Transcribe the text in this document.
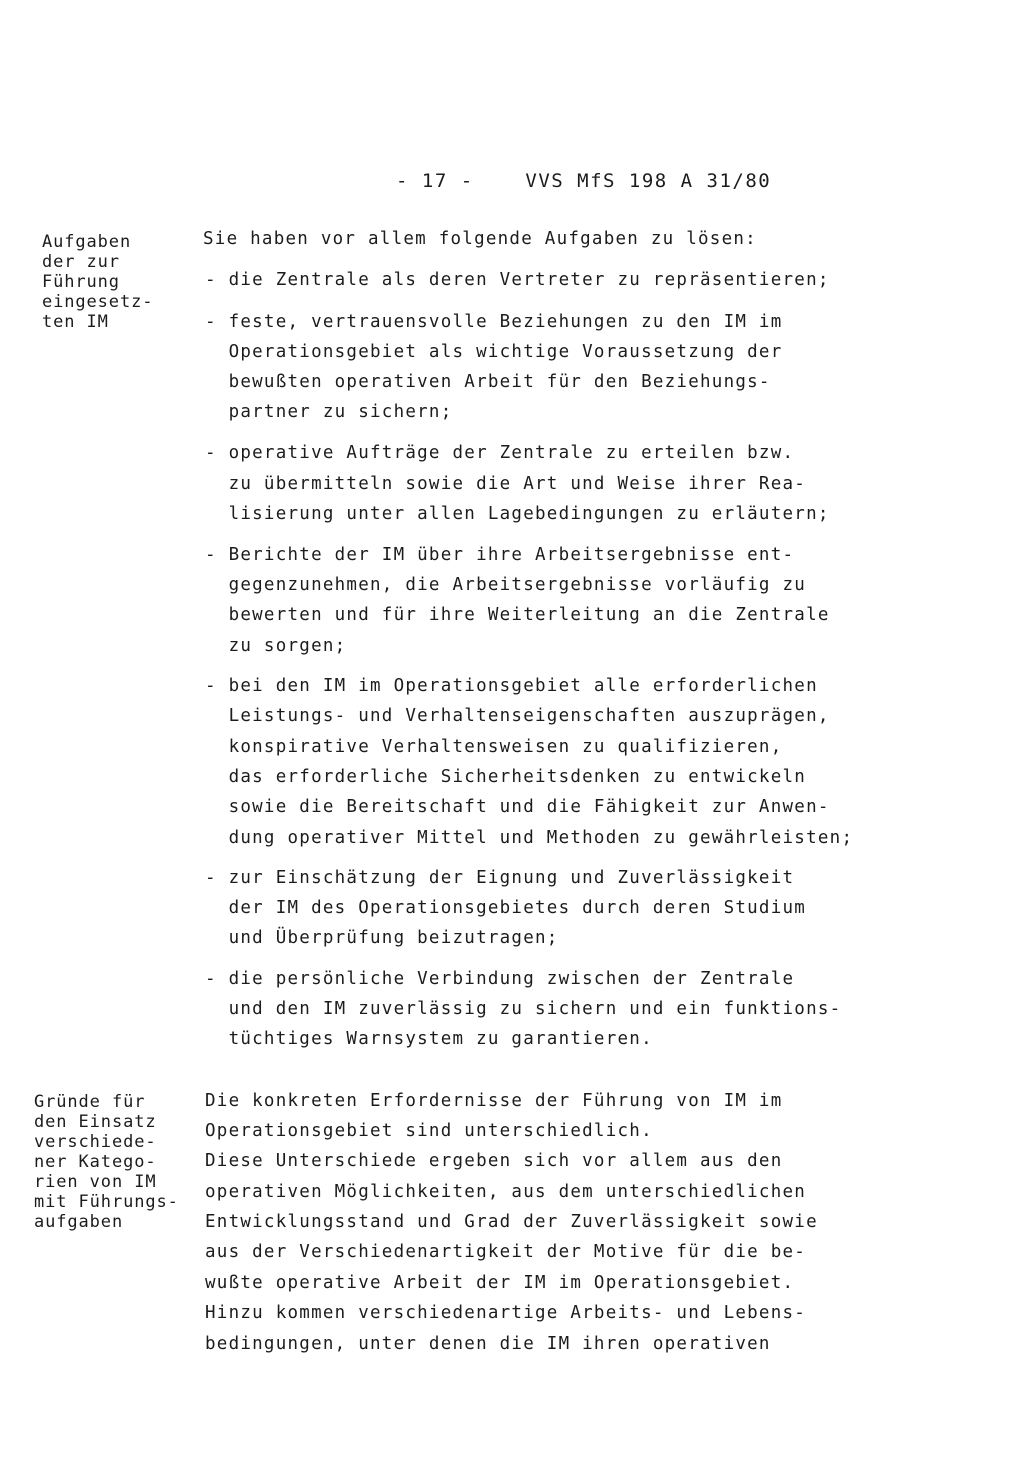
- 17 -	VVS MfS 198 A 31/80
Aufgaben
der zur
Führung
eingesetz-
ten IM
Gründe für
den Einsatz
verschiede-
ner Katego-
rien von IM
mit Führungs-
aufgaben
Sie haben vor allem folgende Aufgaben zu lösen:
- die Zentrale als deren Vertreter zu repräsentieren;
- feste, vertrauensvolle Beziehungen zu den IM im
Operationsgebiet als wichtige Voraussetzung der
bewußten operativen Arbeit für den Beziehungs-
partner zu sichern;
- operative Aufträge der Zentrale zu erteilen bzw.
zu übermitteln sowie die Art und Weise ihrer Rea-
lisierung unter allen Lagebedingungen zu erläutern;
- Berichte der IM über ihre Arbeitsergebnisse ent-
gegenzunehmen, die Arbeitsergebnisse vorläufig zu
bewerten und für ihre Weiterleitung an die Zentrale
zu sorgen;
- bei den IM im Operationsgebiet alle erforderlichen
Leistungs- und Verhaltenseigenschaften auszuprägen,
konspirative Verhaltensweisen zu qualifizieren,
das erforderliche Sicherheitsdenken zu entwickeln
sowie die Bereitschaft und die Fähigkeit zur Anwen-
dung operativer Mittel und Methoden zu gewährleisten;
- zur Einschätzung der Eignung und Zuverlässigkeit
der IM des Operationsgebietes durch deren Studium
und Überprüfung beizutragen;
- die persönliche Verbindung zwischen der Zentrale
und den IM zuverlässig zu sichern und ein funktions-
tüchtiges Warnsystem zu garantieren.
Die konkreten Erfordernisse der Führung von IM im
Operationsgebiet sind unterschiedlich.
Diese Unterschiede ergeben sich vor allem aus den
operativen Möglichkeiten, aus dem unterschiedlichen
Entwicklungsstand und Grad der Zuverlässigkeit sowie
aus der Verschiedenartigkeit der Motive für die be-
wußte operative Arbeit der IM im Operationsgebiet.
Hinzu kommen verschiedenartige Arbeits- und Lebens-
bedingungen, unter denen die IM ihren operativen
